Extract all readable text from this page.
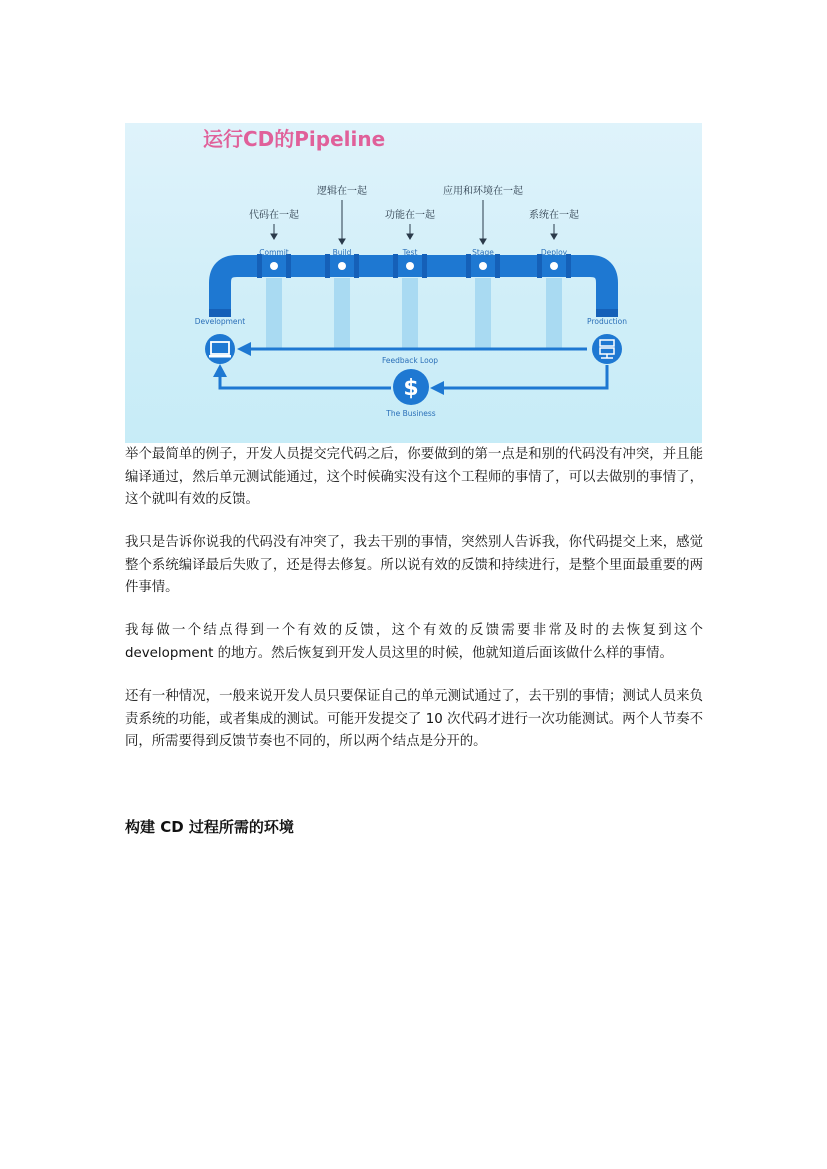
运行CD的Pipeline
Commit	Build	Test	Stage	Deploy
代码在一起
逻辑在一起
功能在一起
应用和环境在一起
系统在一起
Development	Production
Feedback Loop
$
The Business
举个最简单的例子，开发人员提交完代码之后，你要做到的第一点是和别的代码没有冲突，并且能编译通过，然后单元测试能通过，这个时候确实没有这个工程师的事情了，可以去做别的事情了，这个就叫有效的反馈。
我只是告诉你说我的代码没有冲突了，我去干别的事情，突然别人告诉我，你代码提交上来，感觉整个系统编译最后失败了，还是得去修复。所以说有效的反馈和持续进行，是整个里面最重要的两件事情。
我每做一个结点得到一个有效的反馈，这个有效的反馈需要非常及时的去恢复到这个development 的地方。然后恢复到开发人员这里的时候，他就知道后面该做什么样的事情。
还有一种情况，一般来说开发人员只要保证自己的单元测试通过了，去干别的事情；测试人员来负责系统的功能，或者集成的测试。可能开发提交了 10 次代码才进行一次功能测试。两个人节奏不同，所需要得到反馈节奏也不同的，所以两个结点是分开的。
构建 CD 过程所需的环境
